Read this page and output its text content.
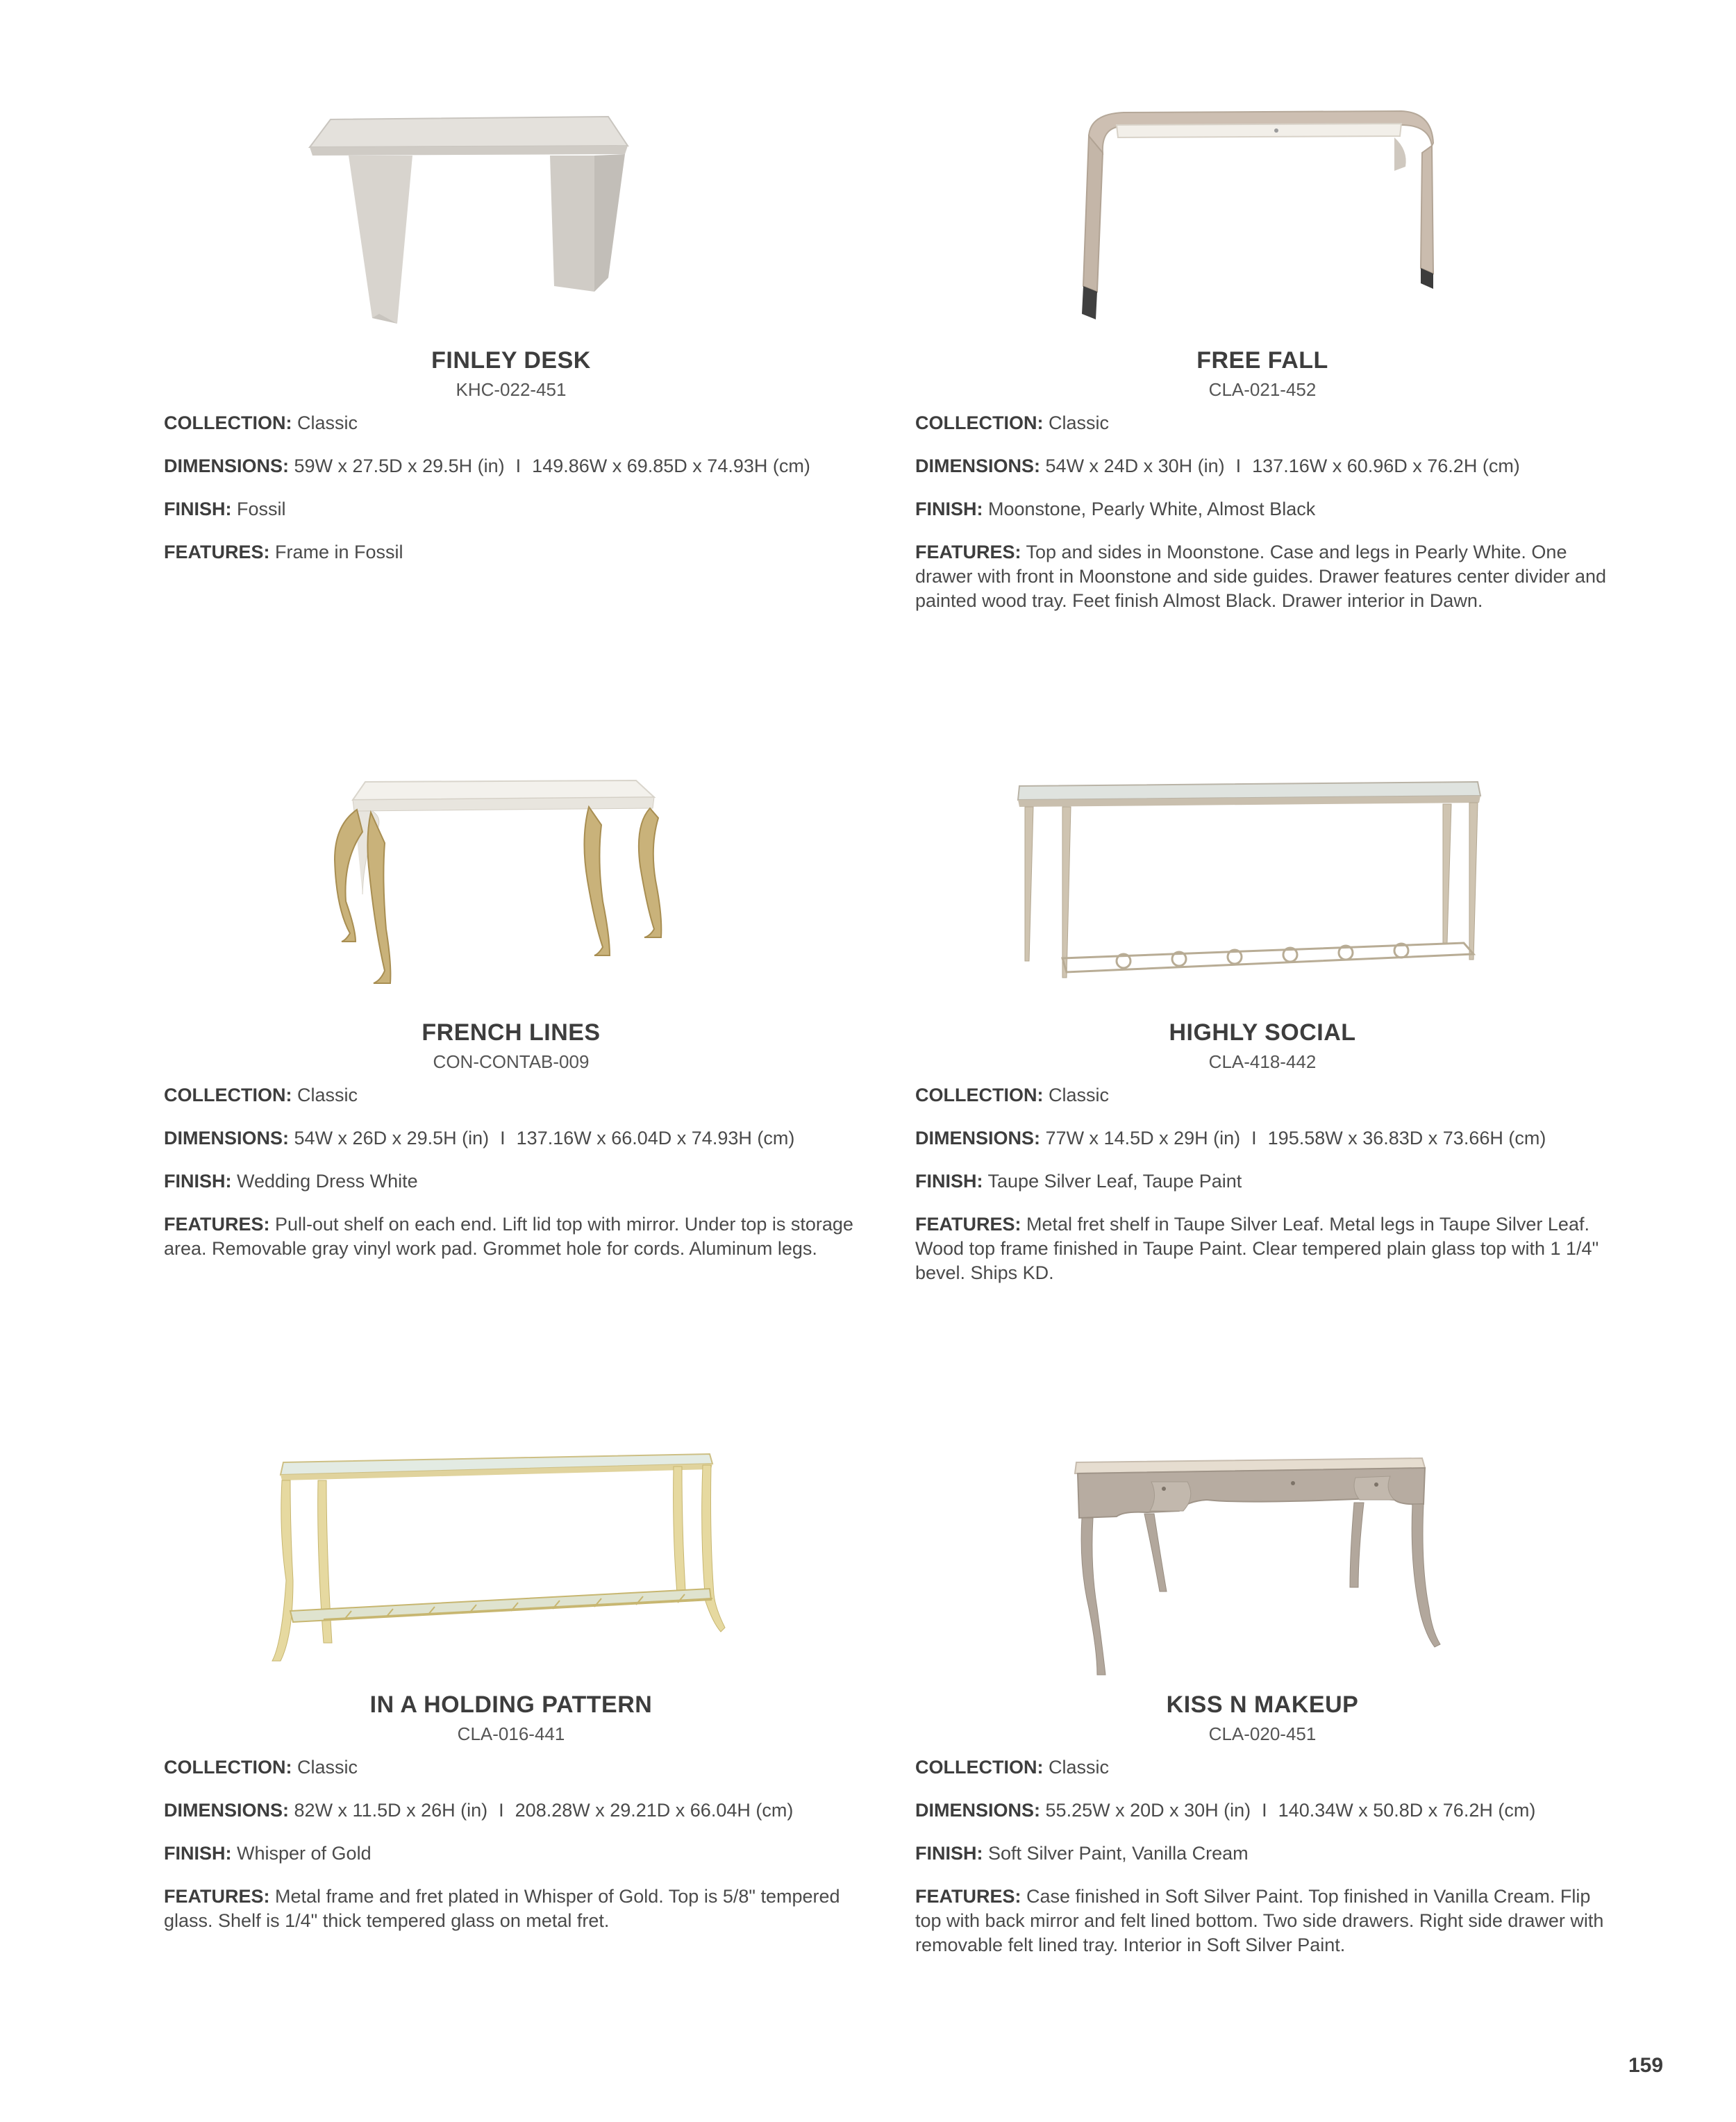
FINLEY DESK
KHC-022-451
COLLECTION: Classic
DIMENSIONS: 59W x 27.5D x 29.5H (in) I 149.86W x 69.85D x 74.93H (cm)
FINISH: Fossil
FEATURES: Frame in Fossil
FREE FALL
CLA-021-452
COLLECTION: Classic
DIMENSIONS: 54W x 24D x 30H (in) I 137.16W x 60.96D x 76.2H (cm)
FINISH: Moonstone, Pearly White, Almost Black
FEATURES: Top and sides in Moonstone. Case and legs in Pearly White. One drawer with front in Moonstone and side guides. Drawer features center divider and painted wood tray. Feet finish Almost Black. Drawer interior in Dawn.
FRENCH LINES
CON-CONTAB-009
COLLECTION: Classic
DIMENSIONS: 54W x 26D x 29.5H (in) I 137.16W x 66.04D x 74.93H (cm)
FINISH: Wedding Dress White
FEATURES: Pull-out shelf on each end. Lift lid top with mirror. Under top is storage area. Removable gray vinyl work pad. Grommet hole for cords. Aluminum legs.
HIGHLY SOCIAL
CLA-418-442
COLLECTION: Classic
DIMENSIONS: 77W x 14.5D x 29H (in) I 195.58W x 36.83D x 73.66H (cm)
FINISH: Taupe Silver Leaf, Taupe Paint
FEATURES: Metal fret shelf in Taupe Silver Leaf. Metal legs in Taupe Silver Leaf. Wood top frame finished in Taupe Paint. Clear tempered plain glass top with 1 1/4" bevel. Ships KD.
IN A HOLDING PATTERN
CLA-016-441
COLLECTION: Classic
DIMENSIONS: 82W x 11.5D x 26H (in) I 208.28W x 29.21D x 66.04H (cm)
FINISH: Whisper of Gold
FEATURES: Metal frame and fret plated in Whisper of Gold. Top is 5/8" tempered glass. Shelf is 1/4" thick tempered glass on metal fret.
KISS N MAKEUP
CLA-020-451
COLLECTION: Classic
DIMENSIONS: 55.25W x 20D x 30H (in) I 140.34W x 50.8D x 76.2H (cm)
FINISH: Soft Silver Paint, Vanilla Cream
FEATURES: Case finished in Soft Silver Paint. Top finished in Vanilla Cream. Flip top with back mirror and felt lined bottom. Two side drawers. Right side drawer with removable felt lined tray. Interior in Soft Silver Paint.
159
